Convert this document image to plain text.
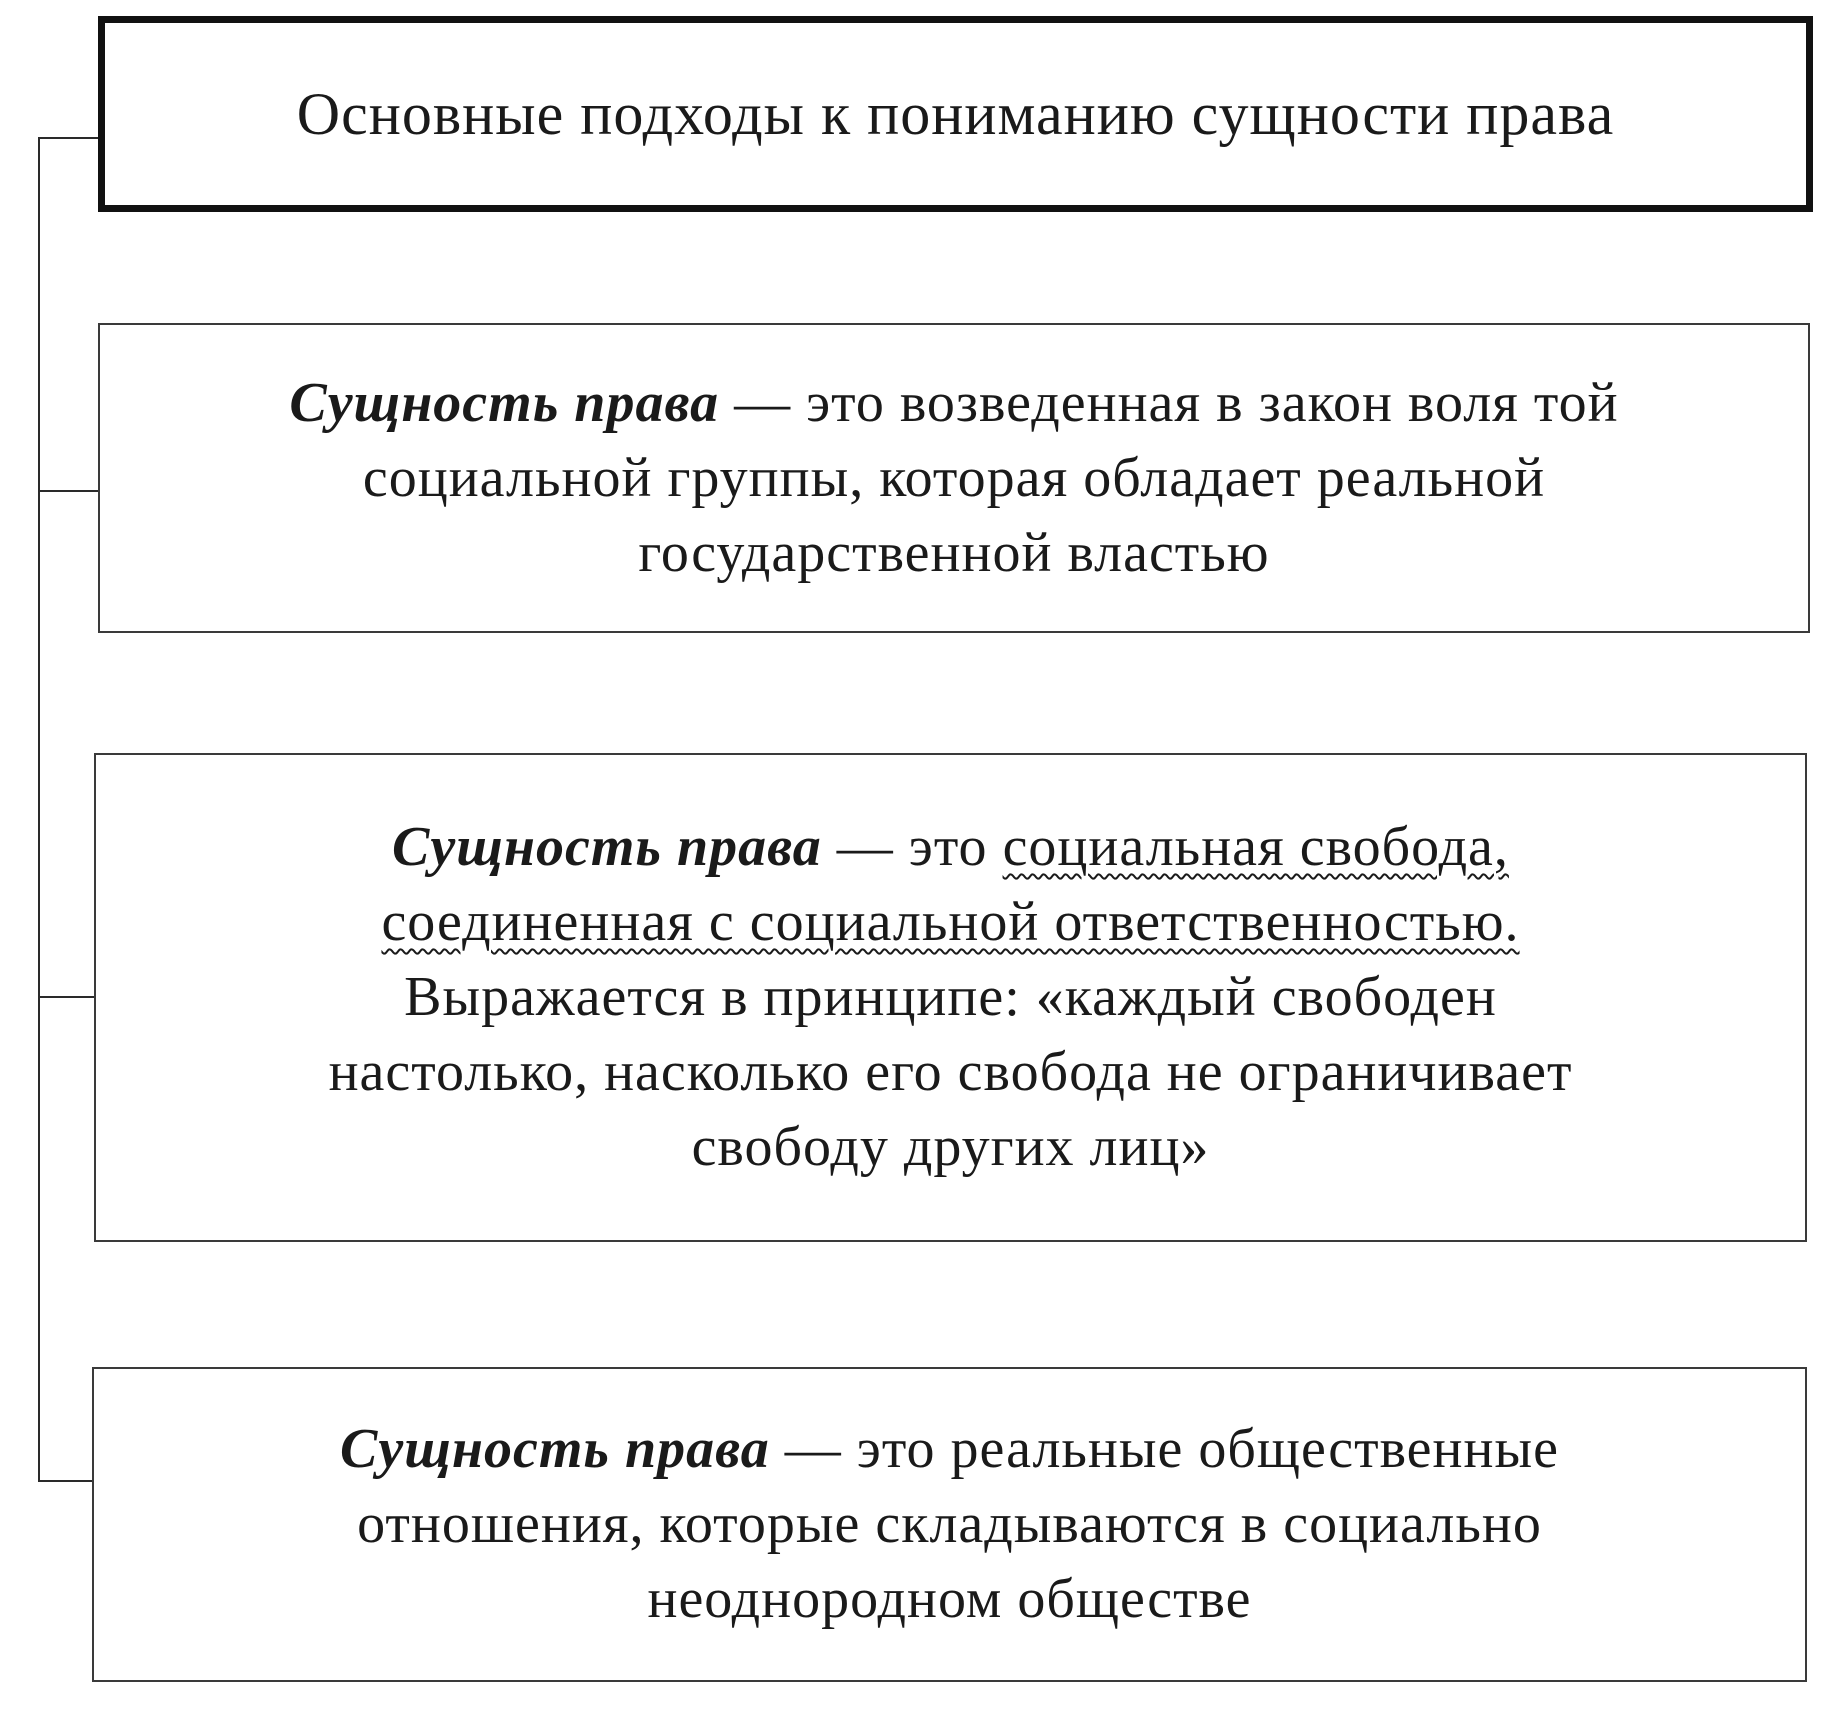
Основные подходы к пониманию сущности права
Сущность права — это возведенная в закон воля той
социальной группы, которая обладает реальной
государственной властью
Сущность права — это социальная свобода,
соединенная с социальной ответственностью.
Выражается в принципе: «каждый свободен
настолько, насколько его свобода не ограничивает
свободу других лиц»
Сущность права — это реальные общественные
отношения, которые складываются в социально
неоднородном обществе
